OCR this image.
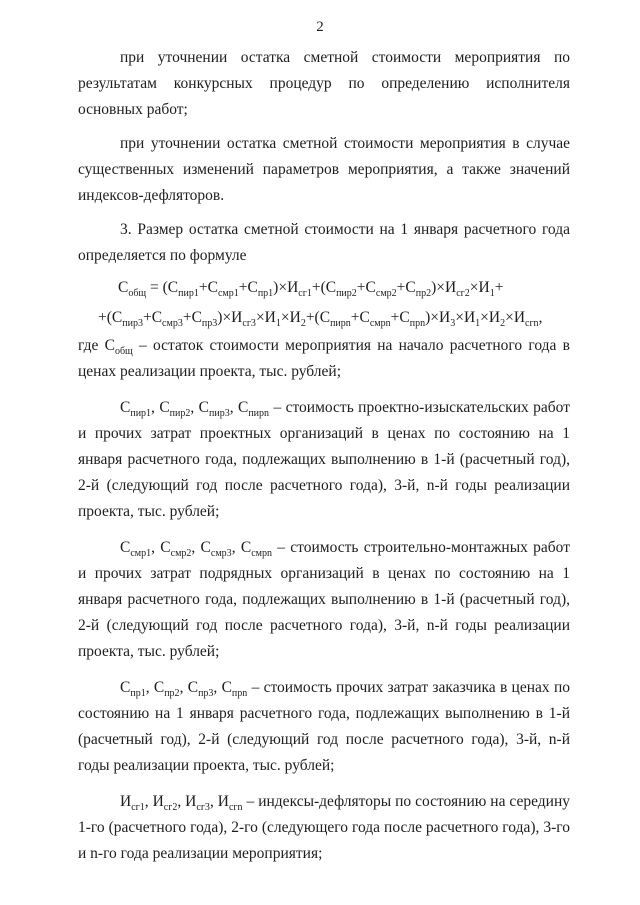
2

при уточнении остатка сметной стоимости мероприятия по результатам конкурсных процедур по определению исполнителя основных работ;

при уточнении остатка сметной стоимости мероприятия в случае существенных изменений параметров мероприятия, а также значений индексов-дефляторов.

3. Размер остатка сметной стоимости на 1 января расчетного года определяется по формуле

$C_{общ} = (C_{пир1}+C_{смр1}+C_{пр1})\times И_{сг1}+(C_{пир2}+C_{смр2}+C_{пр2})\times И_{сг2}\times И_1+$

$+(C_{пир3}+C_{смр3}+C_{пр3})\times И_{сг3}\times И_1\times И_2+(C_{пирn}+C_{смрn}+C_{прn})\times И_3\times И_1\times И_2\times И_{сгn}$,

где $C_{общ}$ – остаток стоимости мероприятия на начало расчетного года в ценах реализации проекта, тыс. рублей;

$C_{пир1}$, $C_{пир2}$, $C_{пир3}$, $C_{пирn}$ – стоимость проектно-изыскательских работ и прочих затрат проектных организаций в ценах по состоянию на 1 января расчетного года, подлежащих выполнению в 1-й (расчетный год), 2-й (следующий год после расчетного года), 3-й, n-й годы реализации проекта, тыс. рублей;

$C_{смр1}$, $C_{смр2}$, $C_{смр3}$, $C_{смрn}$ – стоимость строительно-монтажных работ и прочих затрат подрядных организаций в ценах по состоянию на 1 января расчетного года, подлежащих выполнению в 1-й (расчетный год), 2-й (следующий год после расчетного года), 3-й, n-й годы реализации проекта, тыс. рублей;

$C_{пр1}$, $C_{пр2}$, $C_{пр3}$, $C_{прn}$ – стоимость прочих затрат заказчика в ценах по состоянию на 1 января расчетного года, подлежащих выполнению в 1-й (расчетный год), 2-й (следующий год после расчетного года), 3-й, n-й годы реализации проекта, тыс. рублей;

$И_{сг1}$, $И_{сг2}$, $И_{сг3}$, $И_{сгn}$ – индексы-дефляторы по состоянию на середину 1-го (расчетного года), 2-го (следующего года после расчетного года), 3-го и n-го года реализации мероприятия;
